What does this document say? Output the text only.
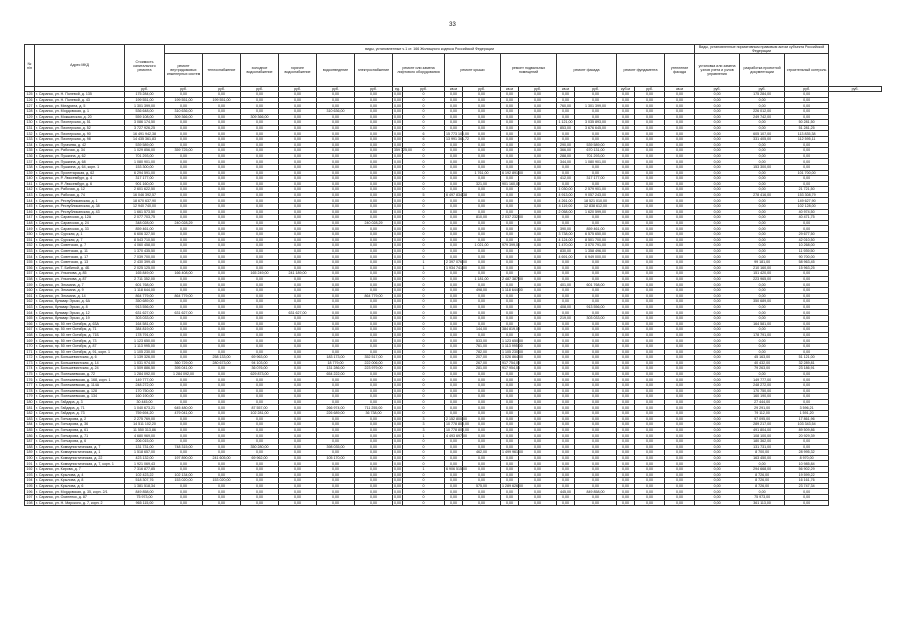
33
№ п/п	Адрес МКД	Стоимость капитального ремонта	виды, установленные ч.1 ст. 166 Жилищного кодекса Российской Федерации																	Виды, установленные нормативным правовым актом субъекта Российской Федерации			
			ремонт внутридомовых инженерных систем	теплоснабжение	холодное водоснабжение	горячее водоснабжение	водоотведение	электроснабжение	ремонт или замена лифтового оборудования		ремонт крыши		ремонт подвальных помещений		ремонт фасада		ремонт фундамента		утепление фасада	установка или замена узлов учета и узлов управления	разработка проектной документации	строительный контроль	

		руб.	руб.	руб.	руб.	руб.	руб.	руб.	ед.	руб.	кв.м	руб.	кв.м	руб.	кв.м	руб.	куб.м	руб.	кв.м	руб.	руб.	руб.	руб.
125	г. Саранск, ул. Н. Полевой, д. 135	175 284,00	0,00	0,00	0,00	0,00	0,00	0,00	0,00	0	0,00	0,00	0,00	0,00	0,00	0,00	0,00	0,00	0,00	0,00	175 284,00	0,00	
126	г. Саранск, ул. Н. Полевой, д. 43	199 551,00	199 551,00	199 551,00	0,00	0,00	0,00	0,00	0,00	0	0,00	0,00	0,00	0,00	0,00	0,00	0,00	0,00	0,00	0,00	0,00	0,00	
127	г. Саранск, ул. Мичурина, д. 5	1 301 399,00	0,00	0,00	0,00	0,00	0,00	0,00	0,00	0	0,00	0,00	0,00	0,00	760,00	1 301 399,00	0,00	0,00	0,00	0,00	0,00	0,00	
128	г. Саранск, ул. Мордовская, д. 1	536 648,00	310 636,00	0,00	0,00	0,00	310 636,00	0,00	0,00	0	0,00	0,00	0,00	0,00	0,00	0,00	0,00	0,00	0,00	0,00	226 012,00	0,00	
129	г. Саранск, ул. Мокшанская, д. 20	559 108,00	309 366,00	0,00	309 366,00	0,00	0,00	0,00	0,00	0	0,00	0,00	0,00	0,00	0,00	0,00	0,00	0,00	0,00	0,00	249 742,00	0,00	
130	г. Саранск, ул. Пионерская, д. 51	3 086 174,50	0,00	0,00	0,00	0,00	0,00	0,00	0,00	0	0,00	0,00	0,00	0,00	1 121,00	3 035 893,00	0,00	0,00	0,00	0,00	0,00	50 281,50	
131	г. Саранск, ул. Пионерская, д. 52	3 727 926,25	0,00	0,00	0,00	0,00	0,00	0,00	0,00	0	0,00	0,00	0,00	0,00	853,00	3 676 645,00	0,00	0,00	0,00	0,00	0,00	51 281,25	
132	г. Саранск, ул. Пионерская, д. 90	16 491 942,38	0,00	0,00	0,00	0,00	0,00	0,00	0,00	6	15 773 100,00	0,00	0,00	0,00	0,00	0,00	0,00	0,00	0,00	0,00	605 107,00	113 835,38	
133	г. Саранск, ул. Пионерская, д. 98	14 435 361,83	0,00	0,00	0,00	0,00	0,00	0,00	0,00	6	13 991 361,72	0,00	0,00	0,00	0,00	0,00	0,00	0,00	0,00	0,00	331 405,00	112 595,11	
134	г. Саранск, ул. Пугачева, д. 42	539 589,00	0,00	0,00	0,00	0,00	0,00	0,00	0,00	0	0,00	0,00	0,00	0,00	290,00	539 589,00	0,00	0,00	0,00	0,00	0,00	0,00	
135	г. Саранск, ул. Рабочая, д. 34	1 029 856,00	359 725,00	0,00	0,00	0,00	0,00	0,00	359 725,00	0	0,00	0,00	0,00	0,00	366,00	670 131,00	0,00	0,00	0,00	0,00	0,00	0,00	
136	г. Саранск, ул. Пушкина, д. 62	701 293,00	0,00	0,00	0,00	0,00	0,00	0,00	0,00	0	0,00	0,00	0,00	0,00	288,00	701 293,00	0,00	0,00	0,00	0,00	0,00	0,00	
137	г. Саранск, ул. Пушкина, д. 68	1 080 901,00	0,00	0,00	0,00	0,00	0,00	0,00	0,00	0	0,00	0,00	0,00	0,00	344,00	1 080 901,00	0,00	0,00	0,00	0,00	0,00	0,00	
138	г. Саранск, ул. Пушкина, д. 64, корп. 1	153 300,00	0,00	0,00	0,00	0,00	0,00	0,00	0,00	0	0,00	0,00	0,00	0,00	0,00	0,00	0,00	0,00	0,00	0,00	153 300,00	0,00	
139	г. Саранск, ул. Пролетарская, д. 62	6 294 591,00	0,00	0,00	0,00	0,00	0,00	0,00	0,00	0	0,00	1 761,00	6 192 891,00	0,00	0,00	0,00	0,00	0,00	0,00	0,00	0,00	101 700,00	
140	г. Саранск, ул. Р. Люксембург, д. 4	317 177,00	0,00	0,00	0,00	0,00	0,00	0,00	0,00	0	0,00	0,00	0,00	0,00	412,00	317 177,00	0,00	0,00	0,00	0,00	0,00	0,00	
141	г. Саранск, ул. Р. Люксембург, д. 6	901 160,00	0,00	0,00	0,00	0,00	0,00	0,00	0,00	0	0,00	321,00	901 160,00	0,00	0,00	0,00	0,00	0,00	0,00	0,00	0,00	0,00	
142	г. Саранск, ул. Рабочая, д. 12	2 601 622,50	0,00	0,00	0,00	0,00	0,00	0,00	0,00	0	0,00	0,00	0,00	0,00	1 030,00	2 579 901,00	0,00	0,00	0,00	0,00	0,00	21 721,50	
143	г. Саранск, ул. Рабочая, д. 74	16 046 392,57	0,00	0,00	0,00	0,00	0,00	0,00	0,00	5	6 497 834,38	0,00	0,00	0,00	4 913,00	9 057 243,00	0,00	0,00	0,00	0,00	278 416,00	153 308,79	
144	г. Саранск, ул. Республиканская, д. 1	18 670 637,90	0,00	0,00	0,00	0,00	0,00	0,00	0,00	0	0,00	0,00	0,00	0,00	4 261,00	18 521 010,00	0,00	0,00	0,00	0,00	0,00	149 627,90	
145	г. Саранск, ул. Республиканская, д. 38	12 940 740,00	0,00	0,00	0,00	0,00	0,00	0,00	0,00	0	0,00	0,00	0,00	0,00	4 119,00	12 838 612,00	0,00	0,00	0,00	0,00	0,00	102 128,00	
146	г. Саранск, ул. Республиканская, д. 43	1 661 573,50	0,00	0,00	0,00	0,00	0,00	0,00	0,00	0	0,00	0,00	0,00	0,00	2 058,00	1 620 599,00	0,00	0,00	0,00	0,00	0,00	40 974,50	
147	г. Саранск, ул. Саранская, д. 12А	2 077 703,75	0,00	0,00	0,00	0,00	0,00	0,00	0,00	0	0,00	810,00	2 037 232,00	0,00	0,00	0,00	0,00	0,00	0,00	0,00	0,00	40 471,75	
148	г. Саранск, ул. Саранская, д. 24	348 028,00	240 028,29	0,00	0,00	0,00	0,00	240 028,29	0,00	0	0,00	0,00	0,00	0,00	0,00	0,00	0,00	0,00	0,00	0,00	0,00	0,00	
149	г. Саранск, ул. Саранская, д. 33	859 461,00	0,00	0,00	0,00	0,00	0,00	0,00	0,00	0	0,00	0,00	0,00	0,00	390,00	859 461,00	0,00	0,00	0,00	0,00	0,00	0,00	
150	г. Саранск, ул. Сурская, д. 1	6 606 327,50	0,00	0,00	0,00	0,00	0,00	0,00	0,00	0	0,00	0,00	0,00	0,00	3 738,00	6 575 650,00	0,00	0,00	0,00	0,00	0,00	29 677,50	
151	г. Саранск, ул. Сурская, д. 7	8 543 710,50	0,00	0,00	0,00	0,00	0,00	0,00	0,00	0	0,00	0,00	0,00	0,00	4 124,00	8 501 700,00	0,00	0,00	0,00	0,00	0,00	42 010,50	
152	г. Саранск, ул. Советская, д. 7	4 060 458,00	0,00	0,00	0,00	0,00	0,00	0,00	0,00	0	0,00	1 021,00	979 399,00	0,00	1 470,00	3 070 791,00	0,00	0,00	0,00	0,00	0,00	10 268,00	
153	г. Саранск, ул. Советская, д. 11	1 370 435,50	0,00	0,00	0,00	0,00	0,00	0,00	0,00	0	0,00	0,00	0,00	0,00	830,00	1 358 496,00	0,00	0,00	0,00	0,00	0,00	11 939,50	
154	г. Саранск, ул. Советская, д. 17	7 039 700,00	0,00	0,00	0,00	0,00	0,00	0,00	0,00	0	0,00	0,00	0,00	0,00	4 691,00	6 949 000,00	0,00	0,00	0,00	0,00	0,00	90 700,00	
155	г. Саранск, ул. Советская, д. 13	2 430 399,45	0,00	0,00	0,00	0,00	0,00	0,00	0,00	1	2 397 076,00	0,00	0,00	0,00	0,00	0,00	0,00	0,00	0,00	0,00	99 181,00	58 963,45	
156	г. Саранск, ул. Т. Бибиной, д. 4Б	2 025 125,00	0,00	0,00	0,00	0,00	0,00	0,00	0,00	1	1 934 741,00	0,00	0,00	0,00	0,00	0,00	0,00	0,00	0,00	0,00	210 160,00	15 963,25	
157	г. Саранск, ул. Ульянова, д. 85	165 849,00	166 408,00	0,00	165 249,00	241 189,00	0,00	0,00	0,00	0	0,00	0,00	0,00	0,00	0,00	0,00	0,00	0,00	0,00	0,00	151 420,00	0,00	
158	г. Саранск, ул. Ульянова, д. 87	2 711 352,00	0,00	0,00	0,00	0,00	0,00	0,00	0,00	0	0,00	1 181,00	2 487 387,00	0,00	0,00	0,00	0,00	0,00	0,00	0,00	223 965,00	0,00	
159	г. Саранск, ул. Эльмана, д. 7	601 768,00	0,00	0,00	0,00	0,00	0,00	0,00	0,00	0	0,00	0,00	0,00	0,00	401,00	601 768,00	0,00	0,00	0,00	0,00	0,00	0,00	
160	г. Саранск, ул. Эльмана, д. 9	1 118 644,00	0,00	0,00	0,00	0,00	0,00	0,00	0,00	0	0,00	498,00	1 118 644,00	0,00	0,00	0,00	0,00	0,00	0,00	0,00	0,00	0,00	
161	г. Саранск, ул. Эльмана, д. 14	864 779,00	864 779,00	0,00	0,00	0,00	0,00	864 779,00	0,00	0	0,00	0,00	0,00	0,00	0,00	0,00	0,00	0,00	0,00	0,00	0,00	0,00	
162	г. Саранск, бульвар Эрьзи, д. 6А	350 689,00	0,00	0,00	0,00	0,00	0,00	0,00	0,00	0	0,00	0,00	0,00	0,00	0,00	0,00	0,00	0,00	0,00	0,00	350 689,00	0,00	
163	г. Саранск, бульвар Эрьзи, д. 8	913 556,00	0,00	0,00	0,00	0,00	0,00	0,00	0,00	0	0,00	0,00	0,00	0,00	408,00	913 556,00	0,00	0,00	0,00	0,00	0,00	0,00	
164	г. Саранск, бульвар Эрьзи, д. 12	631 627,00	631 627,00	0,00	0,00	631 627,00	0,00	0,00	0,00	0	0,00	0,00	0,00	0,00	0,00	0,00	0,00	0,00	0,00	0,00	0,00	0,00	
165	г. Саранск, бульвар Эрьзи, д. 19	303 033,00	0,00	0,00	0,00	0,00	0,00	0,00	0,00	0	0,00	0,00	0,00	0,00	219,00	303 033,00	0,00	0,00	0,00	0,00	0,00	0,00	
166	г. Саранск, пр. 50 лет Октября, д. 63А	164 581,00	0,00	0,00	0,00	0,00	0,00	0,00	0,00	0	0,00	0,00	0,00	0,00	0,00	0,00	0,00	0,00	0,00	0,00	164 581,00	0,00	
167	г. Саранск, пр. 50 лет Октября, д. 71	384 819,00	0,00	0,00	0,00	0,00	0,00	0,00	0,00	0	0,00	144,00	384 819,00	0,00	0,00	0,00	0,00	0,00	0,00	0,00	0,00	0,00	
168	г. Саранск, пр. 50 лет Октября, д. 71Б	178 791,00	0,00	0,00	0,00	0,00	0,00	0,00	0,00	0	0,00	0,00	0,00	0,00	0,00	0,00	0,00	0,00	0,00	0,00	178 791,00	0,00	
169	г. Саранск, пр. 50 лет Октября, д. 73	1 123 650,00	0,00	0,00	0,00	0,00	0,00	0,00	0,00	0	0,00	533,00	1 123 650,00	0,00	0,00	0,00	0,00	0,00	0,00	0,00	0,00	0,00	
170	г. Саранск, пр. 50 лет Октября, д. 87	1 113 995,00	0,00	0,00	0,00	0,00	0,00	0,00	0,00	0	0,00	761,00	1 113 995,00	0,00	0,00	0,00	0,00	0,00	0,00	0,00	0,00	0,00	
171	г. Саранск, пр. 50 лет Октября, д. 91, корп. 1	1 105 230,00	0,00	0,00	0,00	0,00	0,00	0,00	0,00	0	0,00	782,00	1 105 230,00	0,00	0,00	0,00	0,00	0,00	0,00	0,00	0,00	0,00	
172	г. Саранск, ул. Большевистская, д. 6	1 139 326,00	0,00	258 133,00	69 963,00	0,00	183 173,00	352 517,00	0,00	0	0,00	207,00	1 026 864,00	0,00	0,00	0,00	0,00	0,00	0,00	0,00	45 163,00	51 121,00	
173	г. Саранск, ул. Большевистская, д. 14	1 031 974,00	360 729,00	280 673,00	94 103,00	0,00	18 779,00	222 006,00	0,00	0	0,00	267,00	917 754,00	0,00	0,00	0,00	0,00	0,00	0,00	0,00	40 432,00	32 289,81	
174	г. Саранск, ул. Большевистская, д. 24	1 509 886,50	395 041,00	0,00	36 076,00	0,00	131 286,00	223 979,00	0,00	0	0,00	281,00	917 954,00	0,00	0,00	0,00	0,00	0,00	0,00	0,00	79 263,00	23 186,91	
175	г. Саранск, ул. Полежаевская, д. 72	1 284 092,00	1 284 092,00	0,00	629 873,00	0,00	654 222,00	0,00	0,00	0	0,00	0,00	0,00	0,00	0,00	0,00	0,00	0,00	0,00	0,00	0,00	0,00	
176	г. Саранск, ул. Полежаевская, д. 168, корп. 1	149 777,00	0,00	0,00	0,00	0,00	0,00	0,00	0,00	0	0,00	0,00	0,00	0,00	0,00	0,00	0,00	0,00	0,00	0,00	149 777,00	0,00	
177	г. Саранск, ул. Полежаевская, д. 114А	248 272,00	0,00	0,00	0,00	0,00	0,00	0,00	0,00	0	0,00	0,00	0,00	0,00	0,00	0,00	0,00	0,00	0,00	0,00	248 272,00	0,00	
178	г. Саранск, ул. Полежаевская, д. 128	170 750,00	0,00	0,00	0,00	0,00	0,00	0,00	0,00	0	0,00	0,00	0,00	0,00	0,00	0,00	0,00	0,00	0,00	0,00	170 750,00	0,00	
179	г. Саранск, ул. Полежаевская, д. 134	160 190,00	0,00	0,00	0,00	0,00	0,00	0,00	0,00	0	0,00	0,00	0,00	0,00	0,00	0,00	0,00	0,00	0,00	0,00	160 190,00	0,00	
180	г. Саранск, ул. Гайдара, д. 3	30 445,00	0,00	0,00	0,00	0,00	0,00	0,00	0,00	0	0,00	0,00	0,00	0,00	0,00	0,00	0,00	0,00	0,00	0,00	27 444,00	0,00	
181	г. Саранск, ул. Гайдара, д. 71	1 040 673,21	645 480,00	0,00	87 557,00	0,00	266 974,00	711 255,00	0,00	0	0,00	0,00	0,00	0,00	0,00	0,00	0,00	0,00	0,00	0,00	29 291,00	3 596,21	
182	г. Саранск, ул. Гайдара, д. 73	759 694,20	479 041,00	0,00	102 281,00	0,00	226 689,00	36 738,00	0,00	0	0,00	0,00	0,00	0,00	0,00	0,00	0,00	0,00	0,00	0,00	79 112,00	1 591,20	
183	г. Саранск, ул. Гончарова, д. 2	2 275 769,00	0,00	0,00	0,00	0,00	0,00	0,00	0,00	3	2 152 800,00	0,00	0,00	0,00	0,00	0,00	0,00	0,00	0,00	0,00	97 095,00	17 861,96	
184	г. Саранск, ул. Гончарова, д. 36	14 511 102,20	0,00	0,00	0,00	0,00	0,00	0,00	0,00	3	10 778 800,00	0,00	0,00	0,00	0,00	0,00	0,00	0,00	0,00	0,00	289 217,00	103 343,54	
185	г. Саранск, ул. Гончарова, д. 61	11 550 313,86	0,00	0,00	0,00	0,00	0,00	0,00	0,00	3	10 778 800,00	0,00	0,00	0,00	0,00	0,00	0,00	0,00	0,00	0,00	491 804,00	89 509,86	
186	г. Саранск, ул. Гончарова, д. 71	4 680 969,00	0,00	0,00	0,00	0,00	0,00	0,00	0,00	1	4 493 697,00	0,00	0,00	0,00	0,00	0,00	0,00	0,00	0,00	0,00	108 100,00	20 929,39	
187	г. Саранск, ул. Гончарова, д. 6	206 015,00	0,00	0,00	0,00	0,00	0,00	0,00	0,00	0	0,00	0,00	0,00	0,00	0,00	0,00	0,00	0,00	0,00	0,00	180 362,00	0,00	
188	г. Саранск, ул. Коммунистическая, д. 7	131 731,00	748 315,00	0,00	350 280,00	0,00	398 035,00	0,00	0,00	0	0,00	0,00	0,00	0,00	0,00	0,00	0,00	0,00	0,00	0,00	131 731,00	0,00	
189	г. Саранск, ул. Коммунистическая, д. 1	1 518 657,00	0,00	0,00	0,00	0,00	0,00	0,00	0,00	0	0,00	462,00	1 499 961,00	0,00	0,00	0,00	0,00	0,00	0,00	0,00	8 700,00	28 995,32	
190	г. Саранск, ул. Коммунистическая, д. 22	423 132,00	197 890,00	241 605,00	69 962,00	0,00	105 170,00	0,00	0,00	0	0,00	0,00	0,00	0,00	0,00	0,00	0,00	0,00	0,00	0,00	163 450,00	8 970,00	
191	г. Саранск, ул. Коммунистическая, д. 7, корп. 1	1 921 069,43	0,00	0,00	0,00	0,00	0,00	0,00	0,00	0	0,00	0,00	0,00	0,00	0,00	0,00	0,00	0,00	0,00	0,00	0,00	10 985,84	
192	г. Саранск, ул. Кирова, д. 7	7 316 877,85	0,00	0,00	0,00	0,00	0,00	0,00	0,00	1	6 906 515,00	0,00	0,00	0,00	0,00	0,00	0,00	0,00	0,00	0,00	294 668,00	56 902,29	
193	г. Саранск, ул. Крылова, д. 4	102 423,22	102 134,00	0,00	0,00	0,00	0,00	0,00	0,00	0	0,00	0,00	0,00	0,00	0,00	0,00	0,00	0,00	0,00	0,00	8 726,00	19 599,22	
194	г. Саранск, ул. Крылова, д. 8	518 307,76	153 020,00	153 020,00	0,00	0,00	0,00	0,00	0,00	0	0,00	0,00	0,00	0,00	0,00	0,00	0,00	0,00	0,00	0,00	8 726,00	16 161,76	
195	г. Саранск, ул. Крылова, д. 6	1 381 518,34	0,00	0,00	0,00	0,00	0,00	0,00	0,00	0	0,00	575,00	1 289 626,00	0,00	0,00	0,00	0,00	0,00	0,00	0,00	8 726,00	23 747,34	
196	г. Саранск, ул. Мордовская, д. 35, корп. 2/1	849 858,00	0,00	0,00	0,00	0,00	0,00	0,00	0,00	0	0,00	0,00	0,00	0,00	445,00	849 858,00	0,00	0,00	0,00	0,00	0,00	0,00	
197	г. Саранск, ул. Осипенко, д. 87	75 973,00	0,00	0,00	0,00	0,00	0,00	0,00	0,00	0	0,00	0,00	0,00	0,00	0,00	0,00	0,00	0,00	0,00	0,00	75 973,00	0,00	
198	г. Саранск, ул. Н. Мирского, д. 7, корп. 2	965 115,00	0,00	0,00	0,00	0,00	0,00	0,00	0,00	0	0,00	0,00	0,00	0,00	0,00	0,00	0,00	0,00	0,00	0,00	361 113,00	0,00	
